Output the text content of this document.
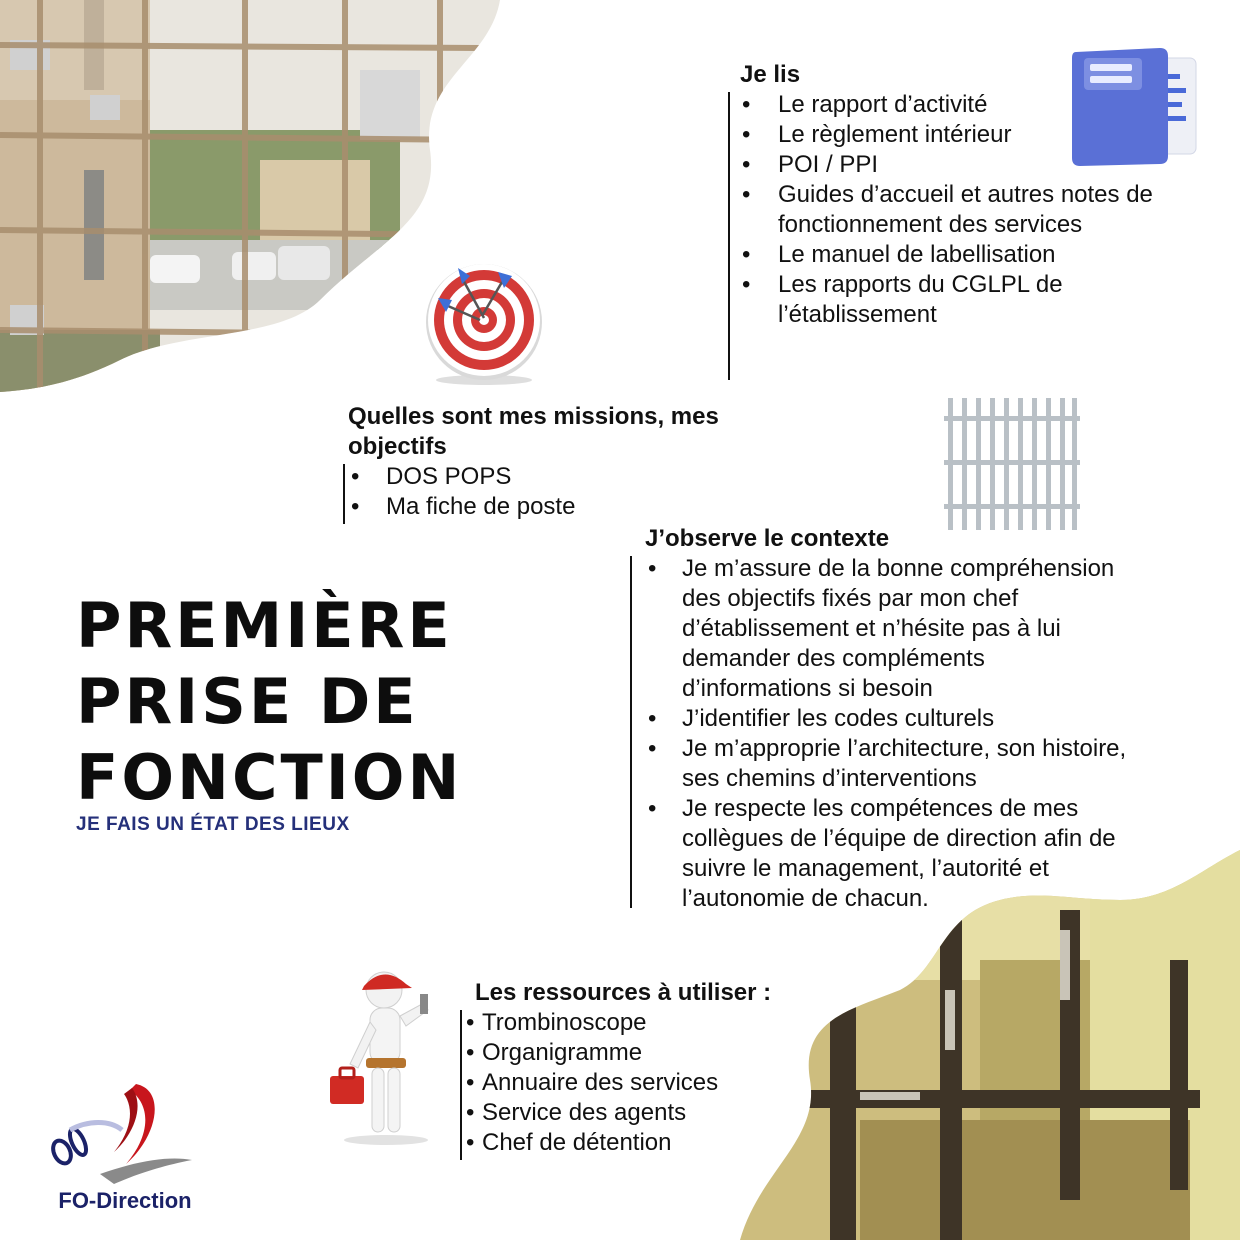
Je lis
• Le rapport d’activité
• Le règlement intérieur
• POI / PPI
• Guides d’accueil et autres notes de fonctionnement des services
• Le manuel de labellisation
• Les rapports du CGLPL de l’établissement
Quelles sont mes missions, mes objectifs
• DOS POPS
• Ma fiche de poste
J’observe le contexte
• Je m’assure de la bonne compréhension des objectifs fixés par mon chef d’établissement et n’hésite pas à lui demander des compléments d’informations si besoin
• J’identifier les codes culturels
• Je m’approprie l’architecture, son histoire, ses chemins d’interventions
• Je respecte les compétences de mes collègues de l’équipe de direction afin de suivre le management, l’autorité et l’autonomie de chacun.
PREMIÈRE
PRISE DE
FONCTION

JE FAIS UN ÉTAT DES LIEUX

Les ressources à utiliser :
• Trombinoscope
• Organigramme
• Annuaire des services
• Service des agents
• Chef de détention
FO-Direction
